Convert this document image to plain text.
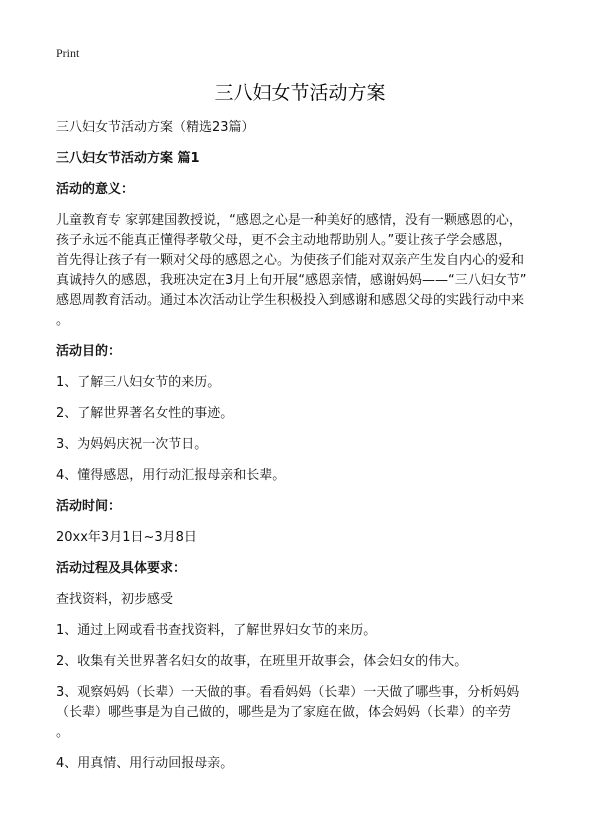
Print
三八妇女节活动方案

三八妇女节活动方案（精选23篇）

三八妇女节活动方案 篇1

活动的意义：

儿童教育专 家郭建国教授说，“感恩之心是一种美好的感情，没有一颗感恩的心，
孩子永远不能真正懂得孝敬父母，更不会主动地帮助别人。”要让孩子学会感恩，
首先得让孩子有一颗对父母的感恩之心。为使孩子们能对双亲产生发自内心的爱和
真诚持久的感恩，我班决定在3月上旬开展“感恩亲情，感谢妈妈——“三八妇女节”
感恩周教育活动。通过本次活动让学生积极投入到感谢和感恩父母的实践行动中来
。

活动目的：

1、了解三八妇女节的来历。

2、了解世界著名女性的事迹。

3、为妈妈庆祝一次节日。

4、懂得感恩，用行动汇报母亲和长辈。

活动时间：

20xx年3月1日~3月8日

活动过程及具体要求：

查找资料，初步感受

1、通过上网或看书查找资料，了解世界妇女节的来历。

2、收集有关世界著名妇女的故事，在班里开故事会，体会妇女的伟大。

3、观察妈妈（长辈）一天做的事。看看妈妈（长辈）一天做了哪些事，分析妈妈
（长辈）哪些事是为自己做的，哪些是为了家庭在做，体会妈妈（长辈）的辛劳
。

4、用真情、用行动回报母亲。
